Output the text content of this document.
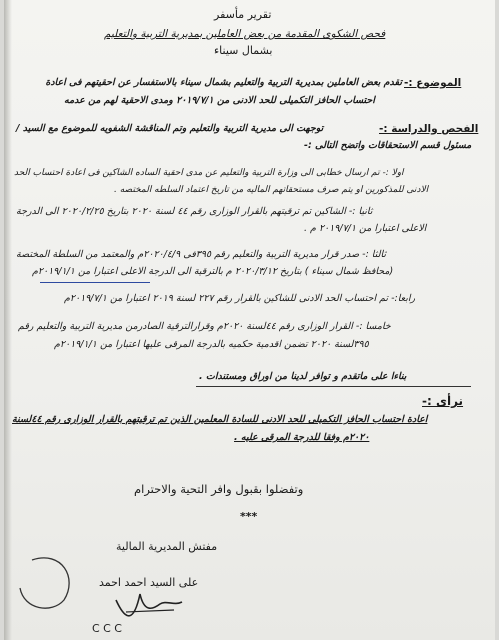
تقرير مأسفر
فحص الشكوى المقدمة من بعض العاملين بمديرية التربية والتعليم
بشمال سيناء
الموضوع :-
تقدم بعض العاملين بمديرية التربية والتعليم بشمال سيناء بالاستفسار عن احقيتهم فى اعادة
احتساب الحافز التكميلى للحد الادنى من ٢٠١٩/٧/١ ومدى الاحقية لهم من عدمه
الفحص والدراسة :-
توجهت الى مديرية التربية والتعليم وتم المناقشة الشفويه للموضوع مع السيد /
مسئول قسم الاستحقاقات واتضح التالى :-
اولا :- تم ارسال خطابى الى وزارة التربية والتعليم عن مدى احقية الساده الشاكين فى اعادة احتساب الحد
الادنى للمذكورين او يتم صرف مستحقاتهم الماليه من تاريخ اعتماد السلطه المختصه .
ثانيا :- الشاكين تم ترقيتهم بالقرار الوزارى رقم ٤٤ لسنة ٢٠٢٠ بتاريخ ٢٠٢٠/٢/٢٥ الى الدرجة
الاعلى اعتبارا من ٢٠١٩/٧/١ م .
ثالثا :- صدر قرار مديرية التربية والتعليم رقم ٣٩٥فى ٢٠٢٠/٤/٩م والمعتمد من السلطة المختصة
(محافظ شمال سيناء ) بتاريخ ٢٠٢٠/٣/١٢ م بالترقية الى الدرجة الاعلى اعتبارا من ٢٠١٩/١/١م
رابعا:- تم احتساب الحد الادنى للشاكين بالقرار رقم ٢٢٧ لسنة ٢٠١٩ اعتبارا من ٢٠١٩/٧/١م
خامسا :- القرار الوزارى رقم ٤٤لسنة ٢٠٢٠م وقرارالترقية الصادرمن مديرية التربية والتعليم رقم
٣٩٥لسنة ٢٠٢٠ تضمن اقدمية حكميه بالدرجة المرقى عليها اعتبارا من ٢٠١٩/١/١م
بناءا على ماتقدم و توافر لدينا من اوراق ومستندات .
نرأى :-
اعادة احتساب الحافز التكميلى للحد الادنى للسادة المعلمين الذين تم ترقيتهم بالقرار الوزارى رقم ٤٤لسنة
٢٠٢٠م وفقا للدرجة المرقى عليه .
وتفضلوا بقبول وافر التحية والاحترام
***
مفتش المديرية المالية
على السيد احمد احمد
C C C
